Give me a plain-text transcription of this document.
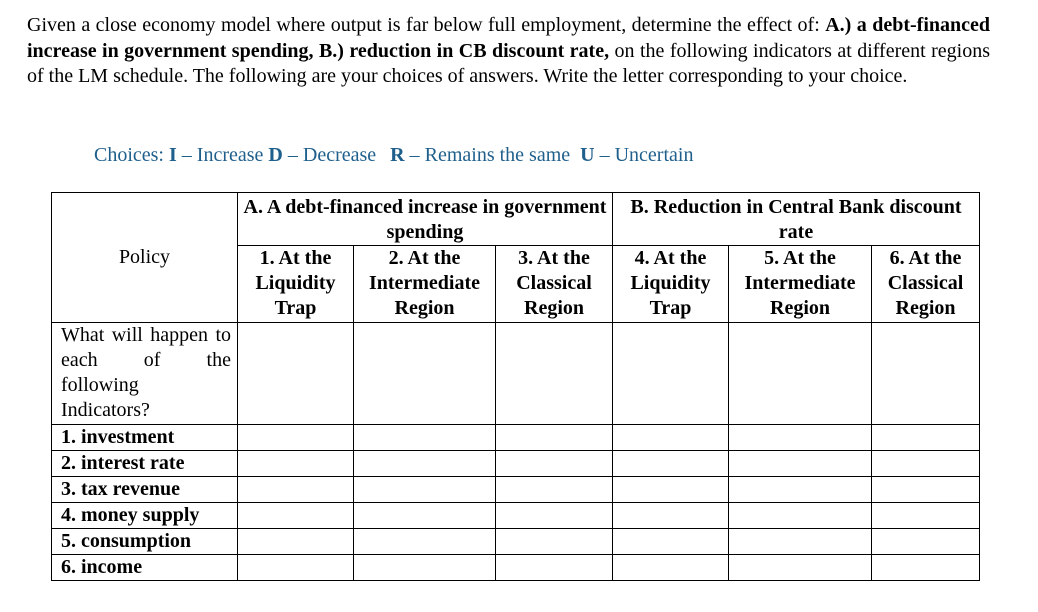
Given a close economy model where output is far below full employment, determine the effect of: A.) a debt-financed increase in government spending, B.) reduction in CB discount rate, on the following indicators at different regions of the LM schedule. The following are your choices of answers. Write the letter corresponding to your choice.
Choices: I – Increase D – Decrease R – Remains the same U – Uncertain
Policy	A. A debt-financed increase in government spending			B. Reduction in Central Bank discount rate		
	1. At the Liquidity Trap	2. At the Intermediate Region	3. At the Classical Region	4. At the Liquidity Trap	5. At the Intermediate Region	6. At the Classical Region
What will happen to each of the following Indicators?						
1. investment						
2. interest rate						
3. tax revenue						
4. money supply						
5. consumption						
6. income						
